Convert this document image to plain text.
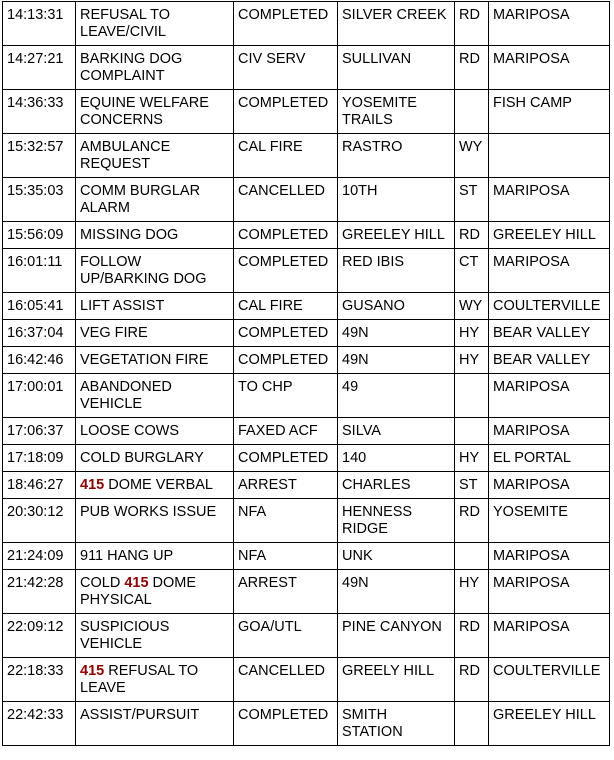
14:13:31	REFUSAL TO LEAVE/CIVIL	COMPLETED	SILVER CREEK	RD	MARIPOSA
14:27:21	BARKING DOG COMPLAINT	CIV SERV	SULLIVAN	RD	MARIPOSA
14:36:33	EQUINE WELFARE CONCERNS	COMPLETED	YOSEMITE TRAILS		FISH CAMP
15:32:57	AMBULANCE REQUEST	CAL FIRE	RASTRO	WY	
15:35:03	COMM BURGLAR ALARM	CANCELLED	10TH	ST	MARIPOSA
15:56:09	MISSING DOG	COMPLETED	GREELEY HILL	RD	GREELEY HILL
16:01:11	FOLLOW UP/BARKING DOG	COMPLETED	RED IBIS	CT	MARIPOSA
16:05:41	LIFT ASSIST	CAL FIRE	GUSANO	WY	COULTERVILLE
16:37:04	VEG FIRE	COMPLETED	49N	HY	BEAR VALLEY
16:42:46	VEGETATION FIRE	COMPLETED	49N	HY	BEAR VALLEY
17:00:01	ABANDONED VEHICLE	TO CHP	49		MARIPOSA
17:06:37	LOOSE COWS	FAXED ACF	SILVA		MARIPOSA
17:18:09	COLD BURGLARY	COMPLETED	140	HY	EL PORTAL
18:46:27	415 DOME VERBAL	ARREST	CHARLES	ST	MARIPOSA
20:30:12	PUB WORKS ISSUE	NFA	HENNESS RIDGE	RD	YOSEMITE
21:24:09	911 HANG UP	NFA	UNK		MARIPOSA
21:42:28	COLD 415 DOME PHYSICAL	ARREST	49N	HY	MARIPOSA
22:09:12	SUSPICIOUS VEHICLE	GOA/UTL	PINE CANYON	RD	MARIPOSA
22:18:33	415 REFUSAL TO LEAVE	CANCELLED	GREELY HILL	RD	COULTERVILLE
22:42:33	ASSIST/PURSUIT	COMPLETED	SMITH STATION		GREELEY HILL
